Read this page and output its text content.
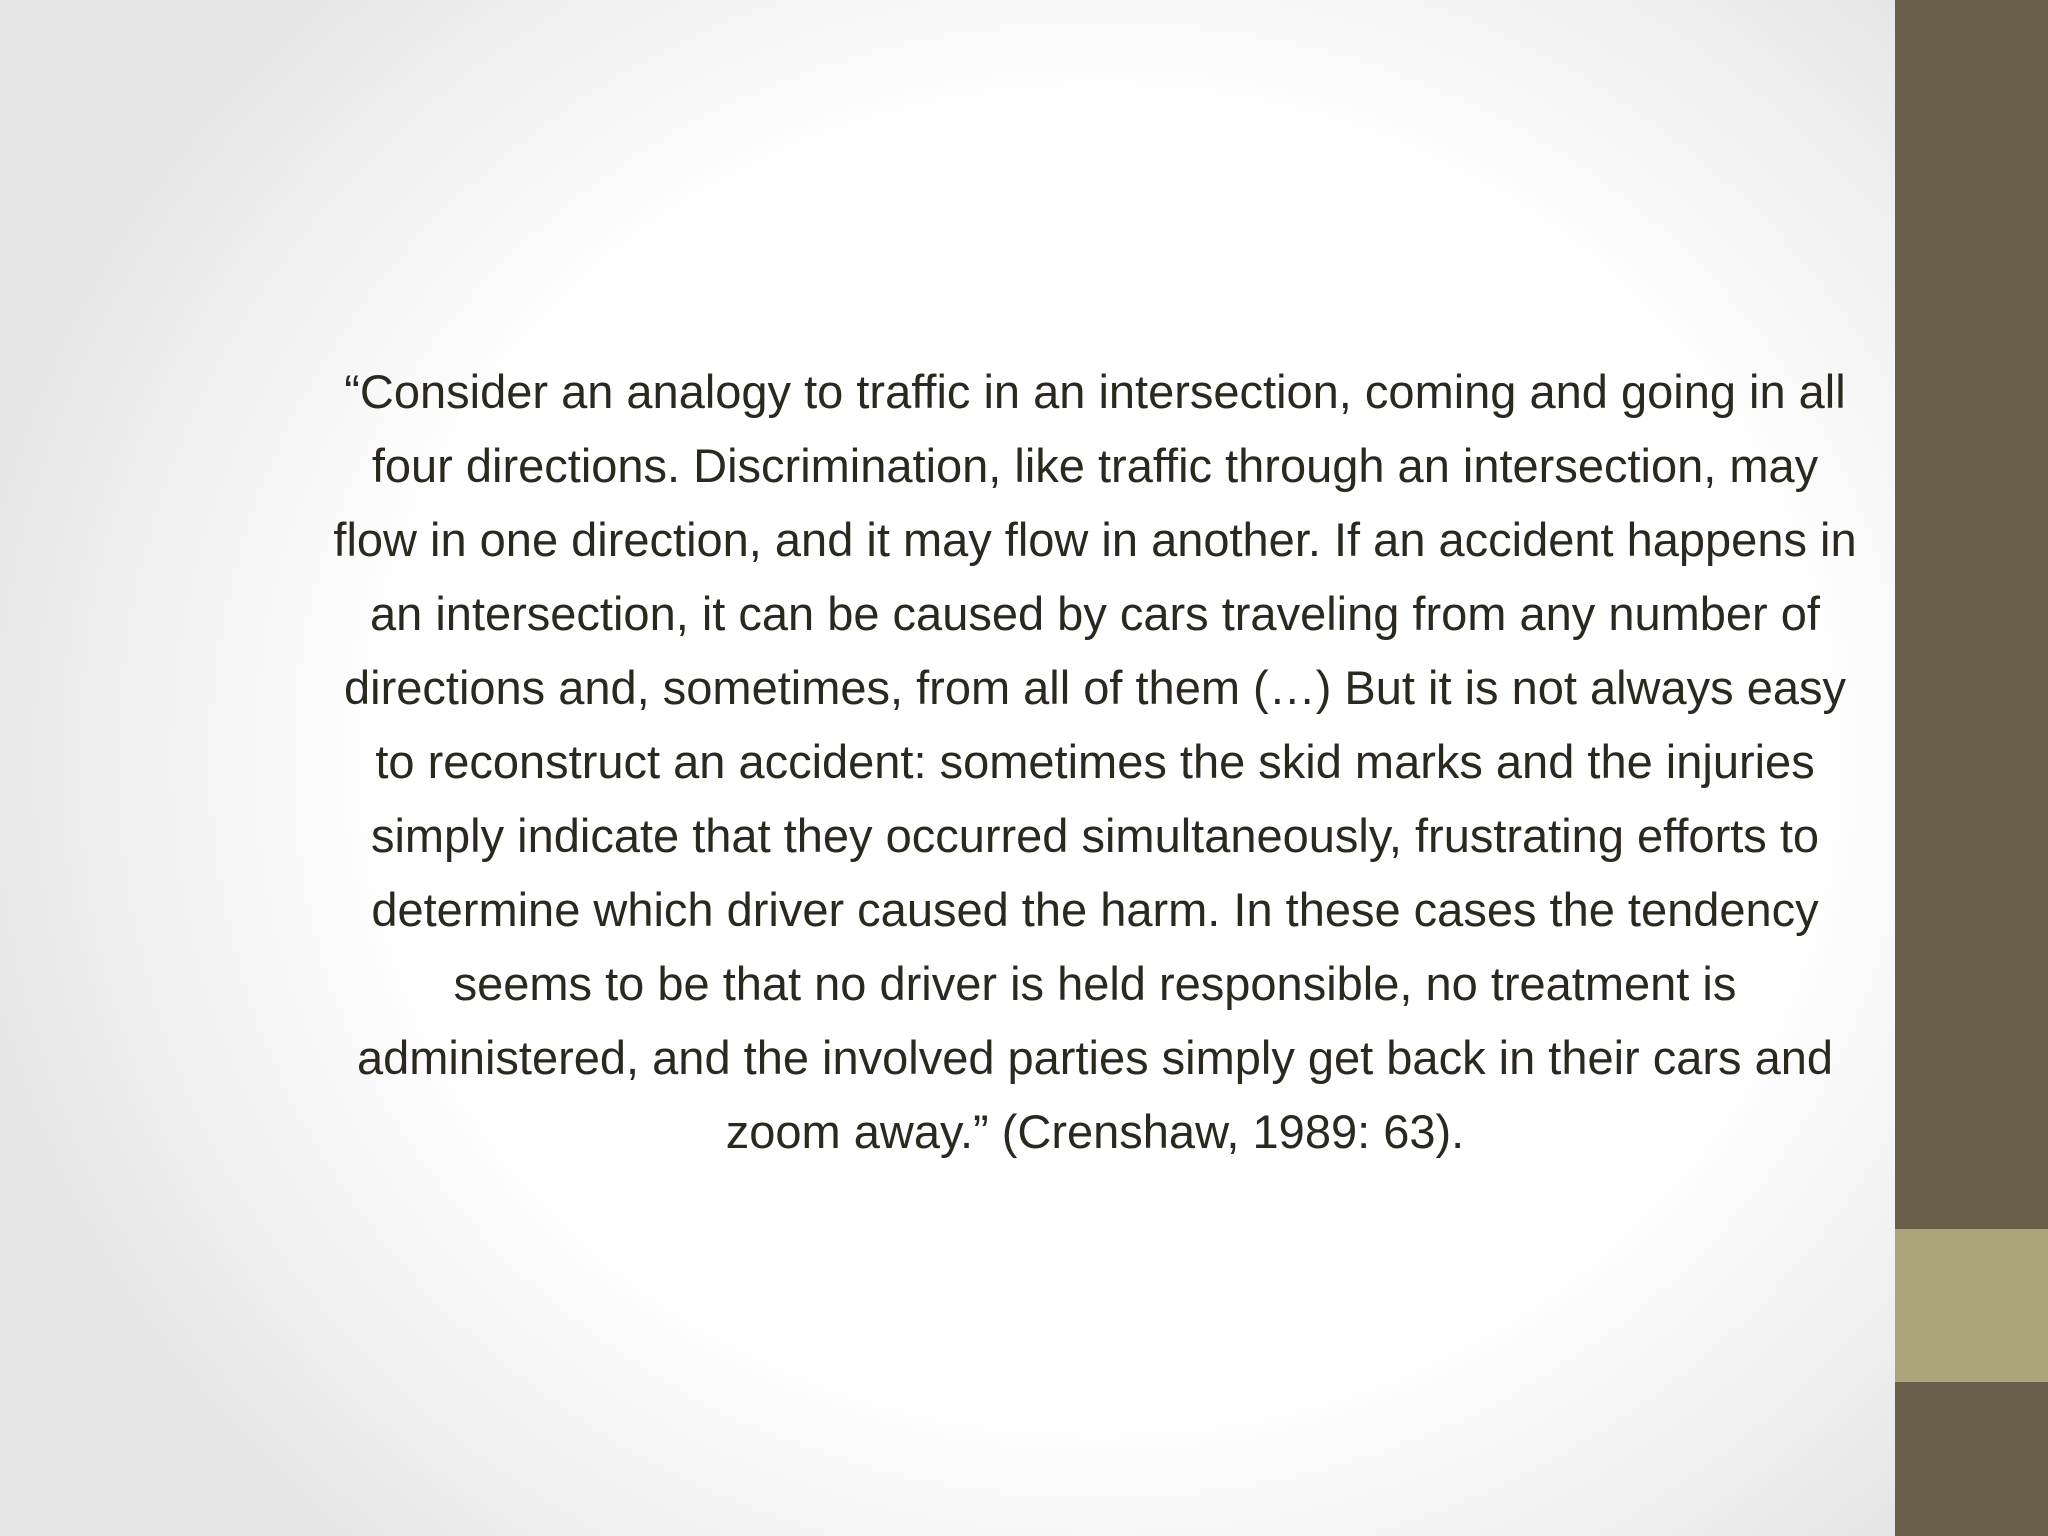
“Consider an analogy to traffic in an intersection, coming and going in all four directions. Discrimination, like traffic through an intersection, may flow in one direction, and it may flow in another. If an accident happens in an intersection, it can be caused by cars traveling from any number of directions and, sometimes, from all of them (…) But it is not always easy to reconstruct an accident: sometimes the skid marks and the injuries simply indicate that they occurred simultaneously, frustrating efforts to determine which driver caused the harm. In these cases the tendency seems to be that no driver is held responsible, no treatment is administered, and the involved parties simply get back in their cars and zoom away.” (Crenshaw, 1989: 63).
